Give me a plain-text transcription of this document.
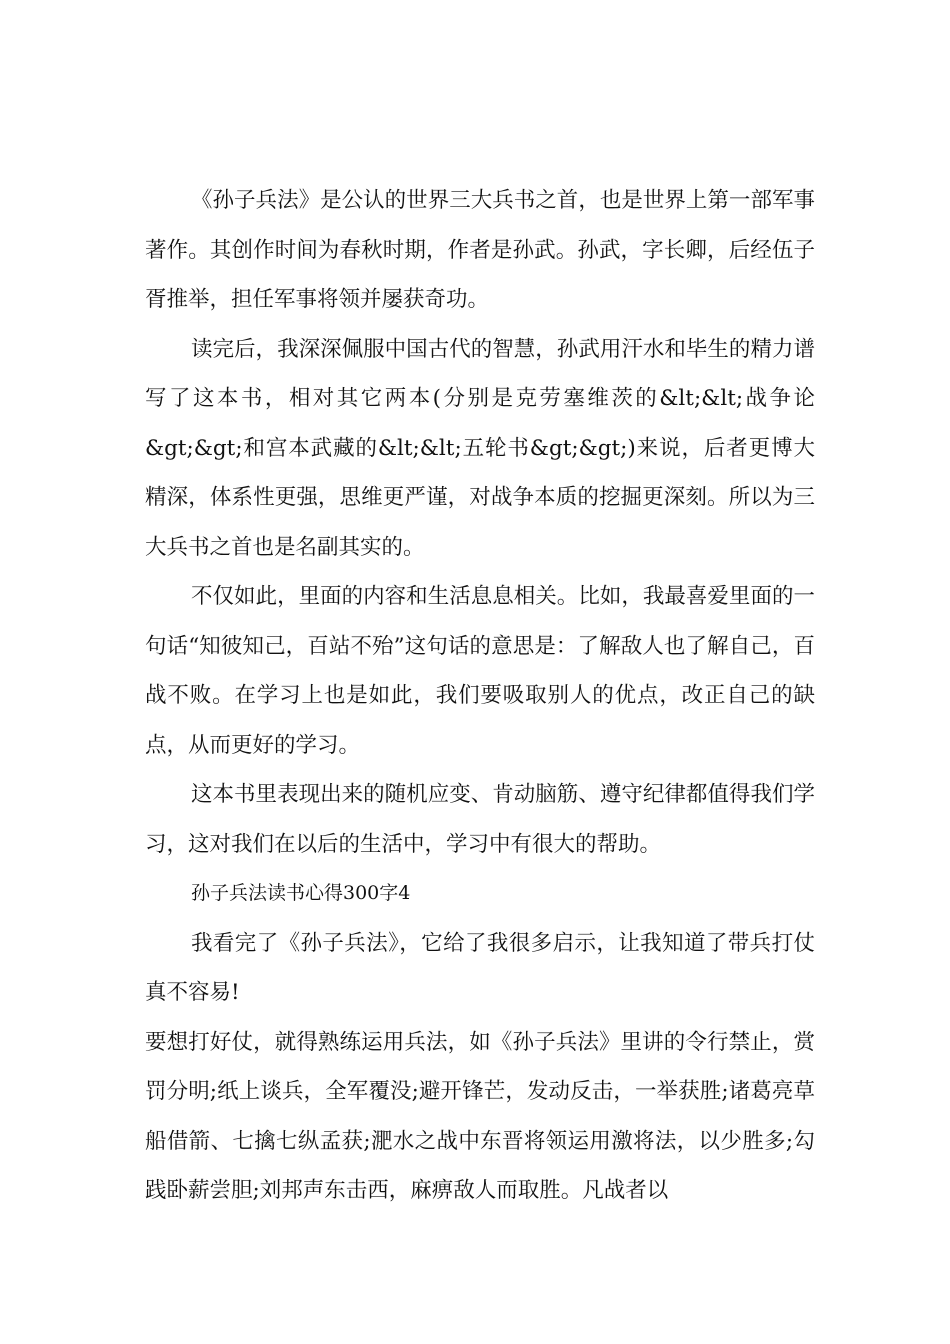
《孙子兵法》是公认的世界三大兵书之首，也是世界上第一部军事著作。其创作时间为春秋时期，作者是孙武。孙武，字长卿，后经伍子胥推举，担任军事将领并屡获奇功。

读完后，我深深佩服中国古代的智慧，孙武用汗水和毕生的精力谱写了这本书，相对其它两本(分别是克劳塞维茨的&lt;&lt;战争论&gt;&gt;和宫本武藏的&lt;&lt;五轮书&gt;&gt;)来说，后者更博大精深，体系性更强，思维更严谨，对战争本质的挖掘更深刻。所以为三大兵书之首也是名副其实的。

不仅如此，里面的内容和生活息息相关。比如，我最喜爱里面的一句话“知彼知己，百站不殆”这句话的意思是：了解敌人也了解自己，百战不败。在学习上也是如此，我们要吸取别人的优点，改正自己的缺点，从而更好的学习。

这本书里表现出来的随机应变、肯动脑筋、遵守纪律都值得我们学习，这对我们在以后的生活中，学习中有很大的帮助。

孙子兵法读书心得300字4

我看完了《孙子兵法》，它给了我很多启示，让我知道了带兵打仗真不容易!

要想打好仗，就得熟练运用兵法，如《孙子兵法》里讲的令行禁止，赏罚分明;纸上谈兵，全军覆没;避开锋芒，发动反击，一举获胜;诸葛亮草船借箭、七擒七纵孟获;淝水之战中东晋将领运用激将法，以少胜多;勾践卧薪尝胆;刘邦声东击西，麻痹敌人而取胜。凡战者以
